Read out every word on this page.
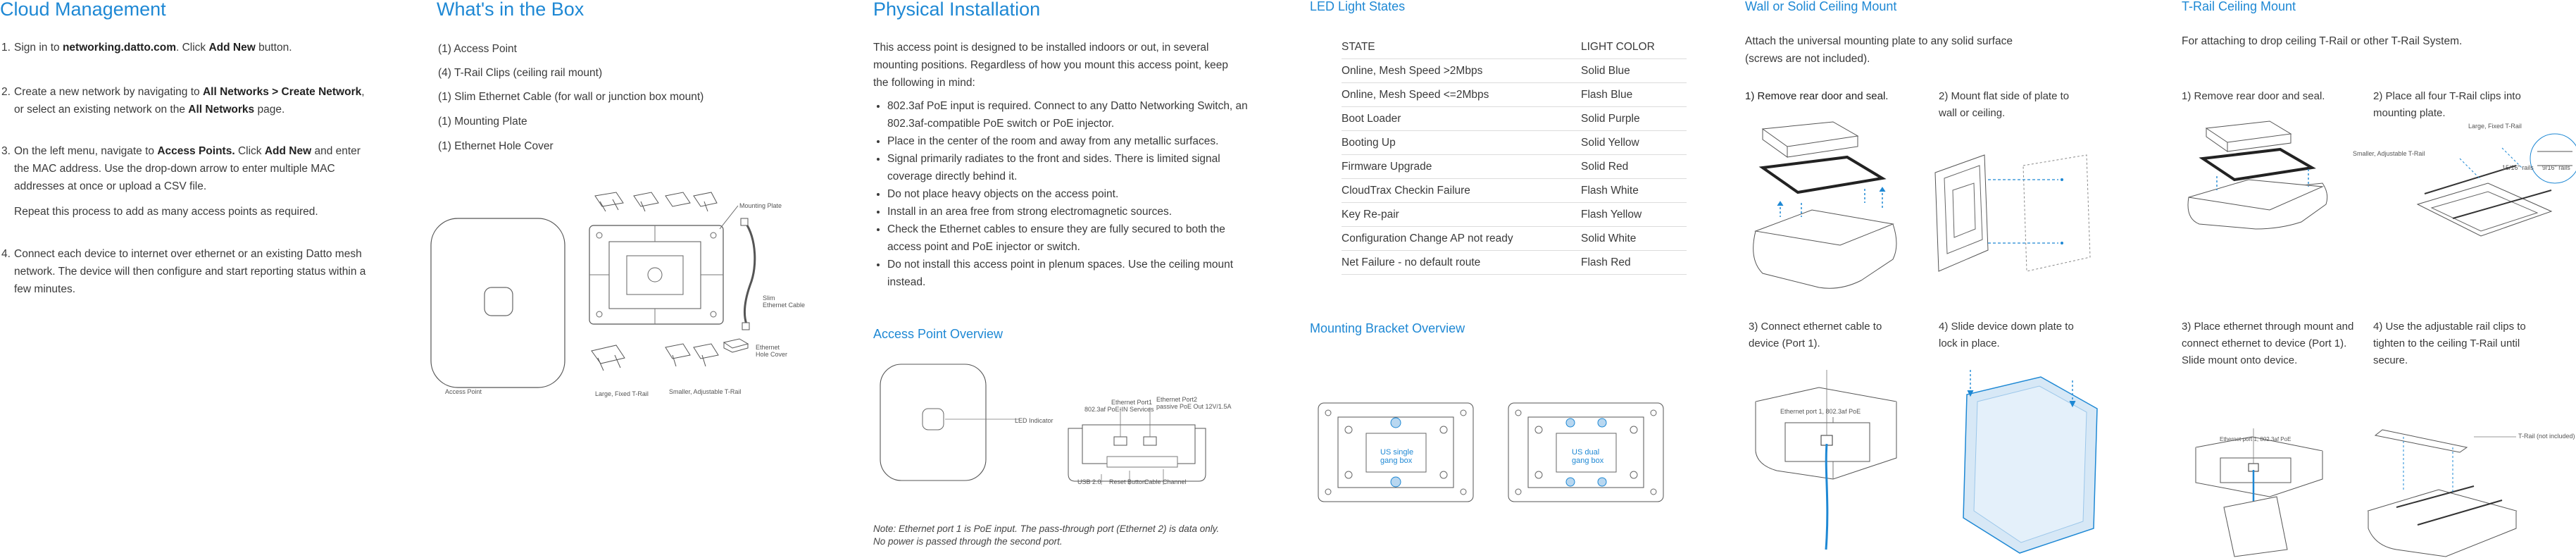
Cloud Management
1. Sign in to networking.datto.com. Click Add New button.
2. Create a new network by navigating to All Networks > Create Network, or select an existing network on the All Networks page.
3. On the left menu, navigate to Access Points. Click Add New and enter the MAC address. Use the drop-down arrow to enter multiple MAC addresses at once or upload a CSV file.
Repeat this process to add as many access points as required.
4. Connect each device to internet over ethernet or an existing Datto mesh network. The device will then configure and start reporting status within a few minutes.
What's in the Box
(1) Access Point
(4) T-Rail Clips (ceiling rail mount)
(1) Slim Ethernet Cable (for wall or junction box mount)
(1) Mounting Plate
(1) Ethernet Hole Cover
Access Point
Mounting Plate
Slim
Ethernet Cable
Ethernet
Hole Cover
Large, Fixed T-Rail	Smaller, Adjustable T-Rail
Physical Installation
This access point is designed to be installed indoors or out, in several mounting positions. Regardless of how you mount this access point, keep the following in mind:
• 802.3af PoE input is required. Connect to any Datto Networking Switch, an 802.3af-compatible PoE switch or PoE injector.
• Place in the center of the room and away from any metallic surfaces.
• Signal primarily radiates to the front and sides. There is limited signal coverage directly behind it.
• Do not place heavy objects on the access point.
• Install in an area free from strong electromagnetic sources.
• Check the Ethernet cables to ensure they are fully secured to both the access point and PoE injector or switch.
• Do not install this access point in plenum spaces. Use the ceiling mount instead.
Access Point Overview
LED Indicator
Ethernet Port1
802.3af PoE-IN Services
Ethernet Port2
passive PoE Out 12V/1.5A
USB 2.0 Reset Button
Cable Channel
Note: Ethernet port 1 is PoE input. The pass-through port (Ethernet 2) is data only.
No power is passed through the second port.
LED Light States
STATE	LIGHT COLOR
Online, Mesh Speed >2Mbps	Solid Blue
Online, Mesh Speed <=2Mbps	Flash Blue
Boot Loader	Solid Purple
Booting Up	Solid Yellow
Firmware Upgrade	Solid Red
CloudTrax Checkin Failure	Flash White
Key Re-pair	Flash Yellow
Configuration Change AP not ready	Solid White
Net Failure - no default route	Flash Red
Mounting Bracket Overview
US single
gang box
US dual
gang box
Wall or Solid Ceiling Mount
Attach the universal mounting plate to any solid surface (screws are not included).
1) Remove rear door and seal.	2) Mount flat side of plate to wall or ceiling.
3) Connect ethernet cable to device (Port 1).
4) Slide device down plate to lock in place.
Ethernet port 1, 802.3af PoE
T-Rail Ceiling Mount
For attaching to drop ceiling T-Rail or other T-Rail System.
1) Remove rear door and seal.	2) Place all four T-Rail clips into mounting plate.
Large, Fixed T-Rail
Smaller, Adjustable T-Rail
15/16" rails 9/16" rails
3) Place ethernet through mount and connect ethernet to device (Port 1). Slide mount onto device.
4) Use the adjustable rail clips to tighten to the ceiling T-Rail until secure.
Ethernet port 1, 802.3af PoE	T-Rail (not included)
